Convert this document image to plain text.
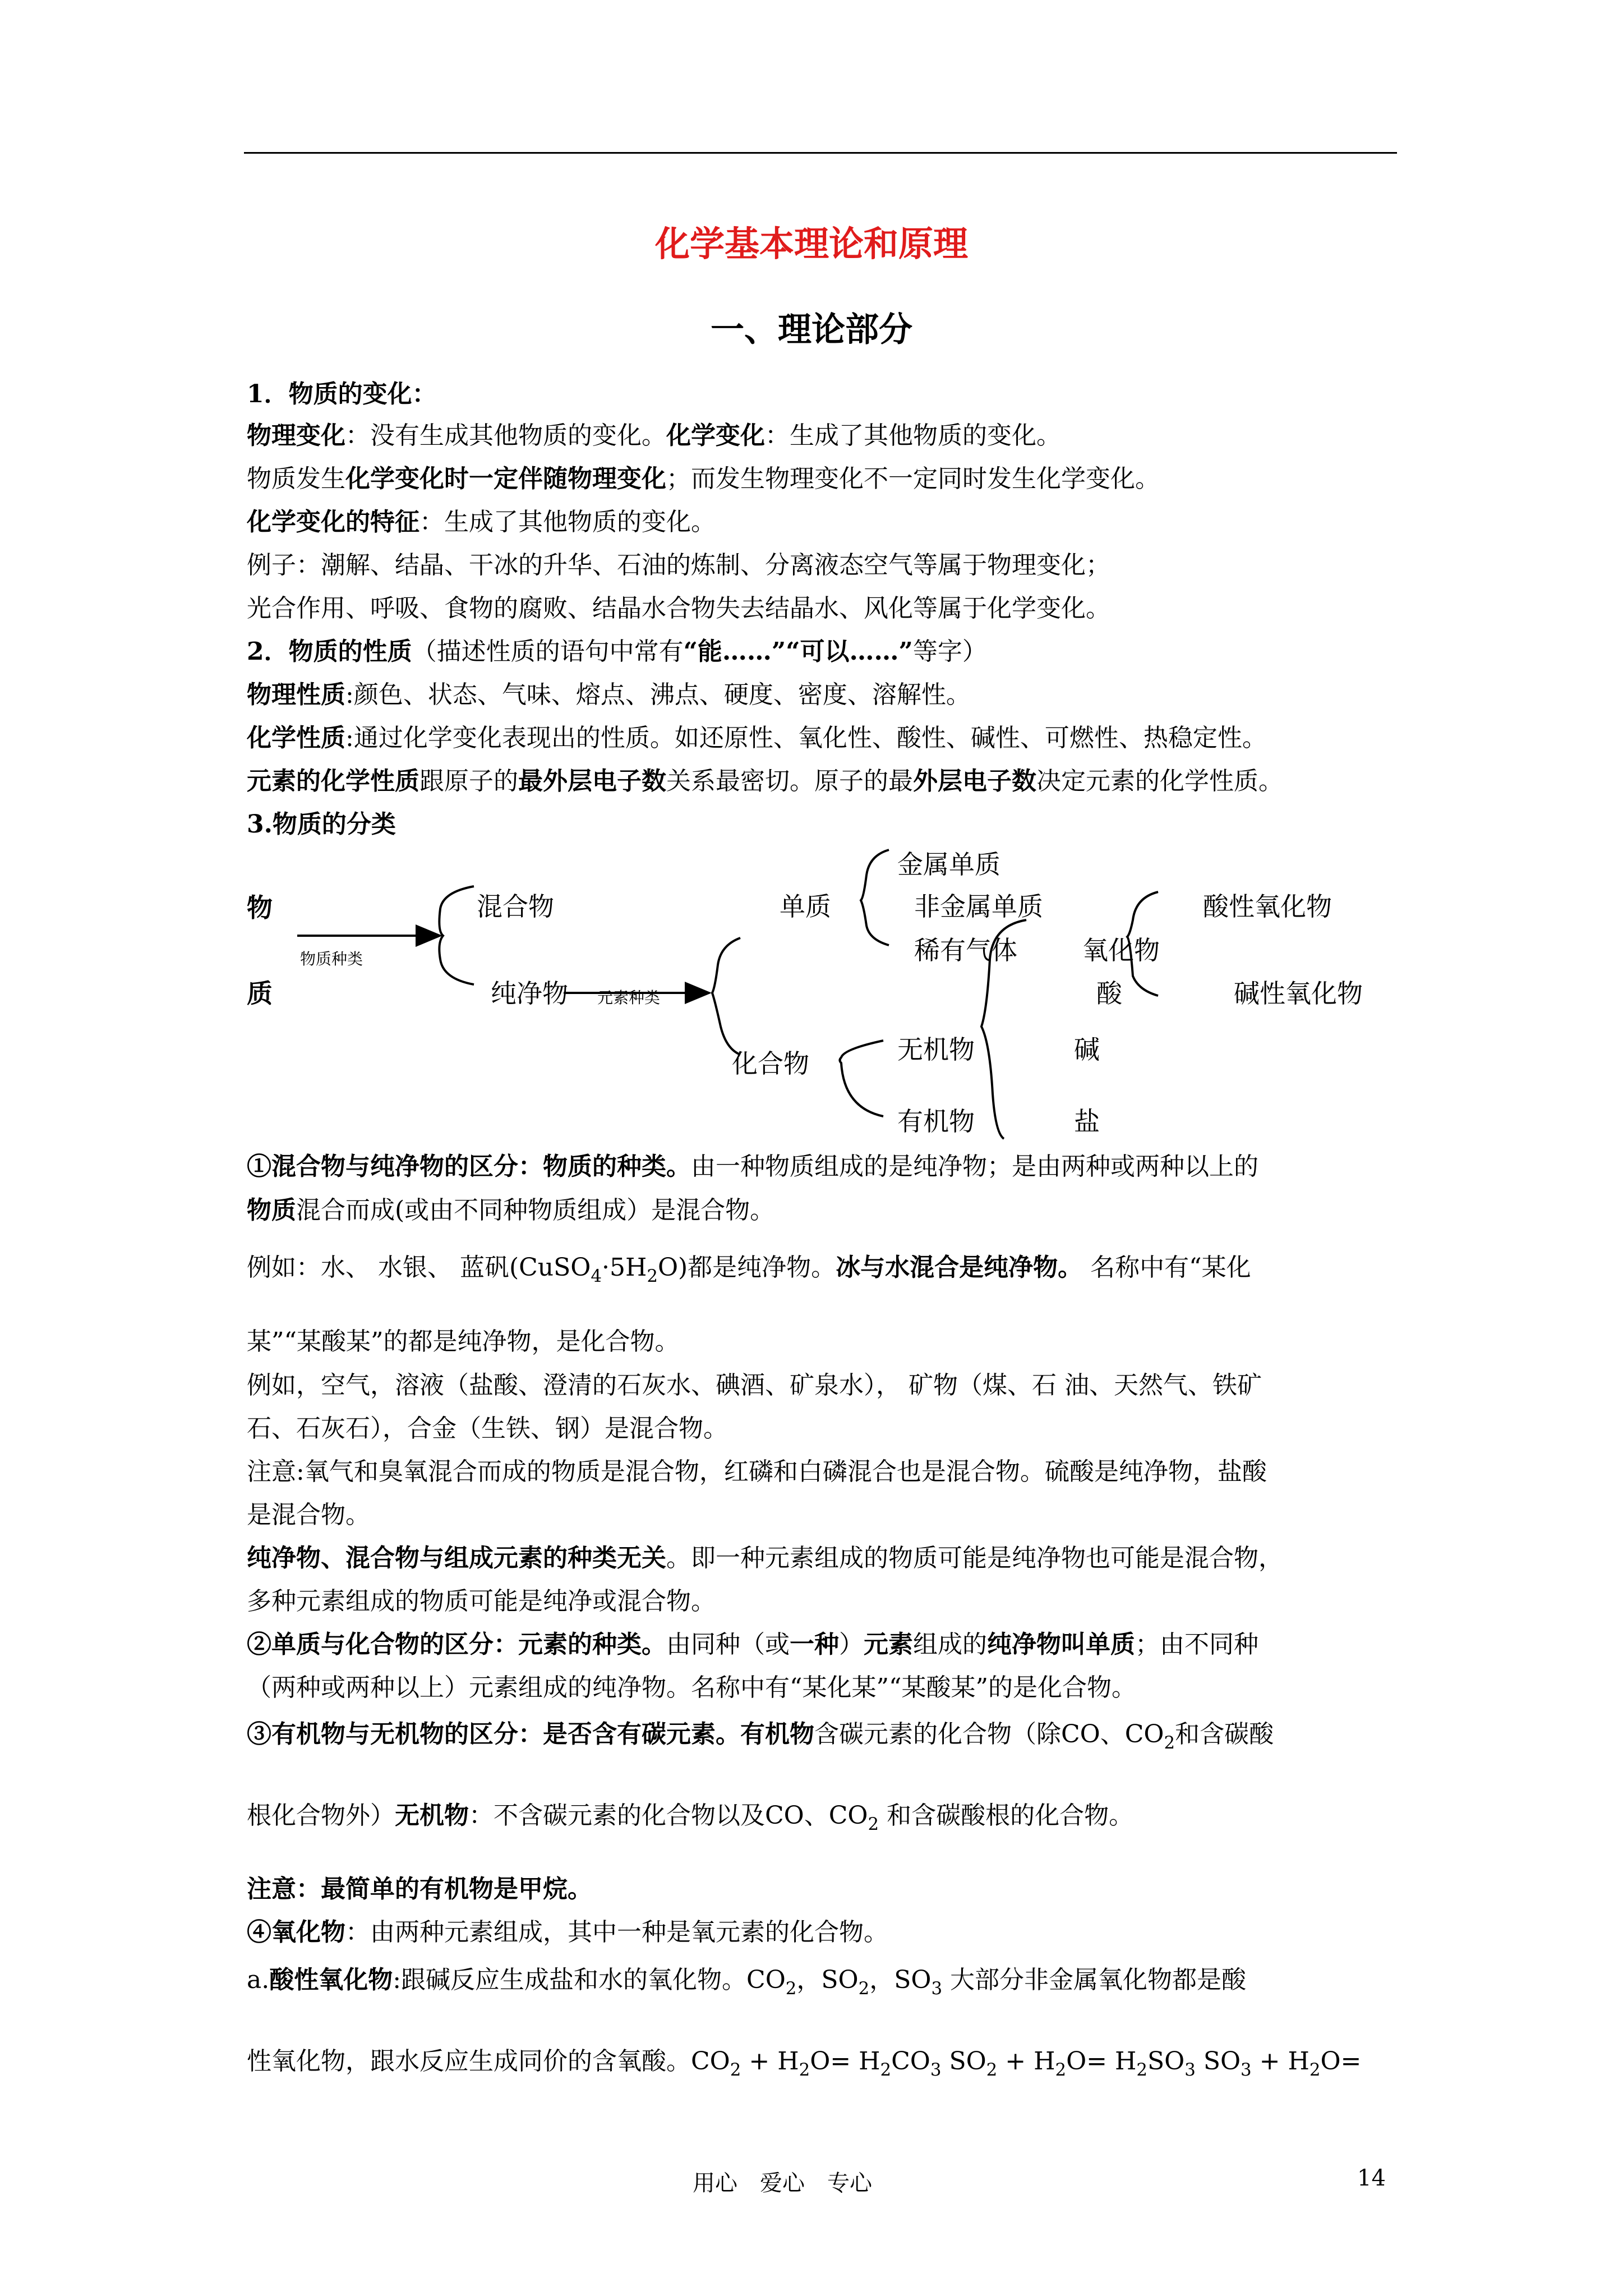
化学基本理论和原理
一、理论部分
1．物质的变化：
物理变化：没有生成其他物质的变化。化学变化：生成了其他物质的变化。
物质发生化学变化时一定伴随物理变化；而发生物理变化不一定同时发生化学变化。
化学变化的特征：生成了其他物质的变化。
例子：潮解、结晶、干冰的升华、石油的炼制、分离液态空气等属于物理变化；
光合作用、呼吸、食物的腐败、结晶水合物失去结晶水、风化等属于化学变化。
2．物质的性质（描述性质的语句中常有“能……”“可以……”等字）
物理性质:颜色、状态、气味、熔点、沸点、硬度、密度、溶解性。
化学性质:通过化学变化表现出的性质。如还原性、氧化性、酸性、碱性、可燃性、热稳定性。
元素的化学性质跟原子的最外层电子数关系最密切。原子的最外层电子数决定元素的化学性质。
3.物质的分类
物
质
物质种类
混合物
纯净物 元素种类
单质
化合物
金属单质
非金属单质
稀有气体
无机物
有机物
氧化物
酸
碱
盐
酸性氧化物
碱性氧化物
①混合物与纯净物的区分：物质的种类。由一种物质组成的是纯净物；是由两种或两种以上的
物质混合而成(或由不同种物质组成）是混合物。
例如：水、 水银、 蓝矾$(CuSO_4\cdot 5H_2O)$都是纯净物。冰与水混合是纯净物。 名称中有“某化
某”“某酸某”的都是纯净物，是化合物。
例如，空气，溶液（盐酸、澄清的石灰水、碘酒、矿泉水）， 矿物（煤、石 油、天然气、铁矿
石、石灰石），合金（生铁、钢）是混合物。
注意:氧气和臭氧混合而成的物质是混合物，红磷和白磷混合也是混合物。硫酸是纯净物，盐酸
是混合物。
纯净物、混合物与组成元素的种类无关。即一种元素组成的物质可能是纯净物也可能是混合物，
多种元素组成的物质可能是纯净或混合物。
②单质与化合物的区分：元素的种类。由同种（或一种）元素组成的纯净物叫单质；由不同种
（两种或两种以上）元素组成的纯净物。名称中有“某化某”“某酸某”的是化合物。
③有机物与无机物的区分：是否含有碳元素。有机物含碳元素的化合物（除CO、$CO_2$和含碳酸
根化合物外）无机物：不含碳元素的化合物以及CO、$CO_2$ 和含碳酸根的化合物。
注意：最简单的有机物是甲烷。
④氧化物：由两种元素组成，其中一种是氧元素的化合物。
a.酸性氧化物:跟碱反应生成盐和水的氧化物。$CO_2$，$SO_2$，$SO_3$ 大部分非金属氧化物都是酸
性氧化物，跟水反应生成同价的含氧酸。$CO_2 + H_2O= H_2CO_3$ $SO_2 + H_2O= H_2SO_3$ $SO_3 + H_2O=$
用心　爱心　专心	14
